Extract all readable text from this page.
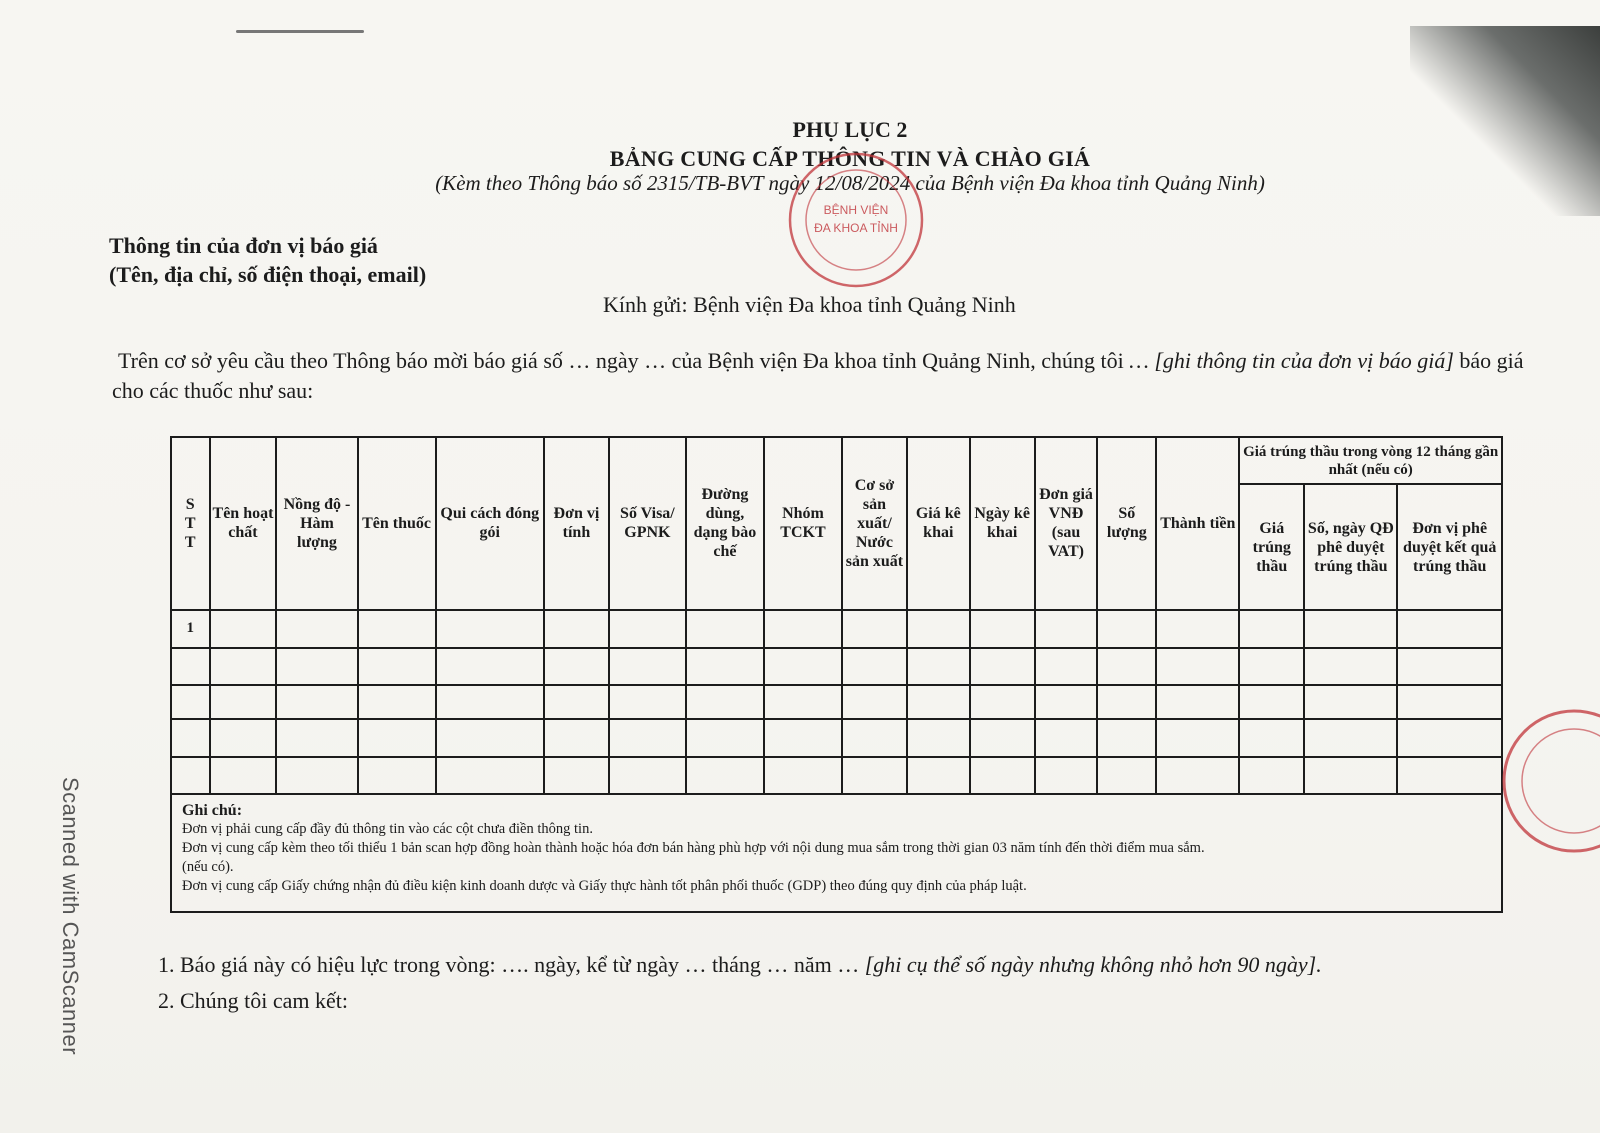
PHỤ LỤC 2
BẢNG CUNG CẤP THÔNG TIN VÀ CHÀO GIÁ
(Kèm theo Thông báo số 2315/TB-BVT ngày 12/08/2024 của Bệnh viện Đa khoa tỉnh Quảng Ninh)
Thông tin của đơn vị báo giá
(Tên, địa chỉ, số điện thoại, email)
Kính gửi: Bệnh viện Đa khoa tỉnh Quảng Ninh
Trên cơ sở yêu cầu theo Thông báo mời báo giá số … ngày … của Bệnh viện Đa khoa tỉnh Quảng Ninh, chúng tôi … [ghi thông tin của đơn vị báo giá] báo giá cho các thuốc như sau:
S T T	Tên hoạt chất	Nồng độ - Hàm lượng	Tên thuốc	Qui cách đóng gói	Đơn vị tính	Số Visa/ GPNK	Đường dùng, dạng bào chế	Nhóm TCKT	Cơ sở sản xuất/ Nước sản xuất	Giá kê khai	Ngày kê khai	Đơn giá VNĐ (sau VAT)	Số lượng	Thành tiền	Giá trúng thầu trong vòng 12 tháng gần nhất (nếu có)		
															Giá trúng thầu	Số, ngày QĐ phê duyệt trúng thầu	Đơn vị phê duyệt kết quả trúng thầu
1																	

Ghi chú:
Đơn vị phải cung cấp đầy đủ thông tin vào các cột chưa điền thông tin.
Đơn vị cung cấp kèm theo tối thiểu 1 bản scan hợp đồng hoàn thành hoặc hóa đơn bán hàng phù hợp với nội dung mua sắm trong thời gian 03 năm tính đến thời điểm mua sắm.
(nếu có).
Đơn vị cung cấp Giấy chứng nhận đủ điều kiện kinh doanh dược và Giấy thực hành tốt phân phối thuốc (GDP) theo đúng quy định của pháp luật.																	
1. Báo giá này có hiệu lực trong vòng: …. ngày, kể từ ngày … tháng … năm … [ghi cụ thể số ngày nhưng không nhỏ hơn 90 ngày].
2. Chúng tôi cam kết:
Scanned with CamScanner
BỆNH VIỆN
ĐA KHOA TỈNH
